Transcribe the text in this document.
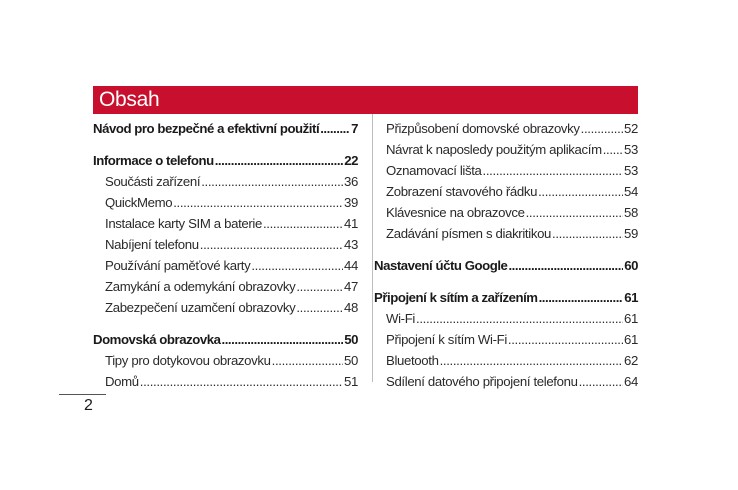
Obsah
Návod pro bezpečné a efektivní použití ..... 7
Informace o telefonu .....	22
Součásti zařízení .....	36
QuickMemo .....	39
Instalace karty SIM a baterie .....	41
Nabíjení telefonu .....	43
Používání paměťové karty .....	44
Zamykání a odemykání obrazovky .....	47
Zabezpečení uzamčení obrazovky .....	48
Domovská obrazovka .....	50
Tipy pro dotykovou obrazovku .....	50
Domů .....	51
Přizpůsobení domovské obrazovky .....	52
Návrat k naposledy použitým aplikacím ..... 53
Oznamovací lišta .....	53
Zobrazení stavového řádku .....	54
Klávesnice na obrazovce .....	58
Zadávání písmen s diakritikou .....	59
Nastavení účtu Google .....	60
Připojení k sítím a zařízením .....	61
Wi-Fi .....	61
Připojení k sítím Wi-Fi .....	61
Bluetooth .....	62
Sdílení datového připojení telefonu .....	64
2
